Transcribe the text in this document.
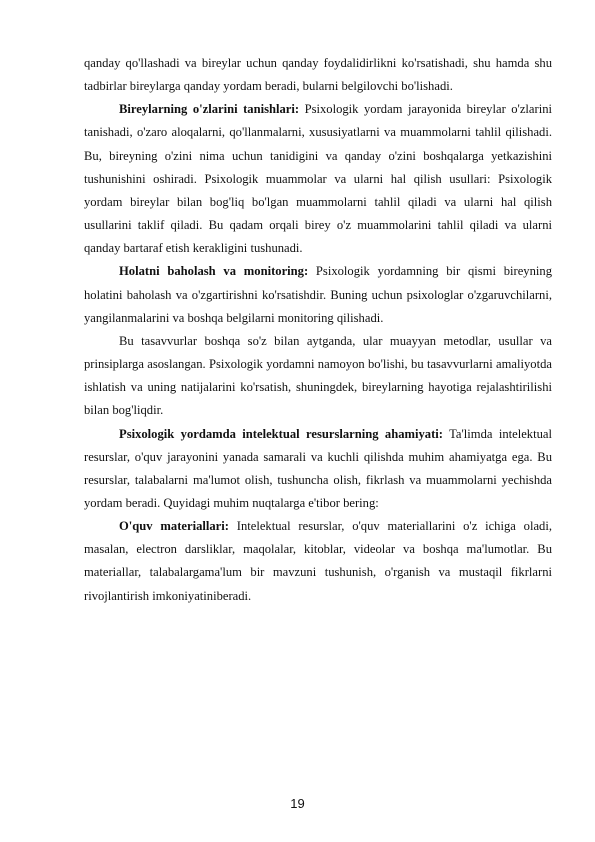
qanday qo'llashadi va bireylar uchun qanday foydalidirlikni ko'rsatishadi, shu hamda shu tadbirlar bireylarga qanday yordam beradi, bularni belgilovchi bo'lishadi.

Bireylarning o'zlarini tanishlari: Psixologik yordam jarayonida bireylar o'zlarini tanishadi, o'zaro aloqalarni, qo'llanmalarni, xususiyatlarni va muammolarni tahlil qilishadi. Bu, bireyning o'zini nima uchun tanidigini va qanday o'zini boshqalarga yetkazishini tushunishini oshiradi. Psixologik muammolar va ularni hal qilish usullari: Psixologik yordam bireylar bilan bog'liq bo'lgan muammolarni tahlil qiladi va ularni hal qilish usullarini taklif qiladi. Bu qadam orqali birey o'z muammolarini tahlil qiladi va ularni qanday bartaraf etish kerakligini tushunadi.

Holatni baholash va monitoring: Psixologik yordamning bir qismi bireyning holatini baholash va o'zgartirishni ko'rsatishdir. Buning uchun psixologlar o'zgaruvchilarni, yangilanmalarini va boshqa belgilarni monitoring qilishadi.

Bu tasavvurlar boshqa so'z bilan aytganda, ular muayyan metodlar, usullar va prinsiplarga asoslangan. Psixologik yordamni namoyon bo'lishi, bu tasavvurlarni amaliyotda ishlatish va uning natijalarini ko'rsatish, shuningdek, bireylarning hayotiga rejalashtirilishi bilan bog'liqdir.

Psixologik yordamda intelektual resurslarning ahamiyati: Ta'limda intelektual resurslar, o'quv jarayonini yanada samarali va kuchli qilishda muhim ahamiyatga ega. Bu resurslar, talabalarni ma'lumot olish, tushuncha olish, fikrlash va muammolarni yechishda yordam beradi. Quyidagi muhim nuqtalarga e'tibor bering:

O'quv materiallari: Intelektual resurslar, o'quv materiallarini o'z ichiga oladi, masalan, electron darsliklar, maqolalar, kitoblar, videolar va boshqa ma'lumotlar. Bu materiallar, talabalargama'lum bir mavzuni tushunish, o'rganish va mustaqil fikrlarni rivojlantirish imkoniyatiniberadi.

19
